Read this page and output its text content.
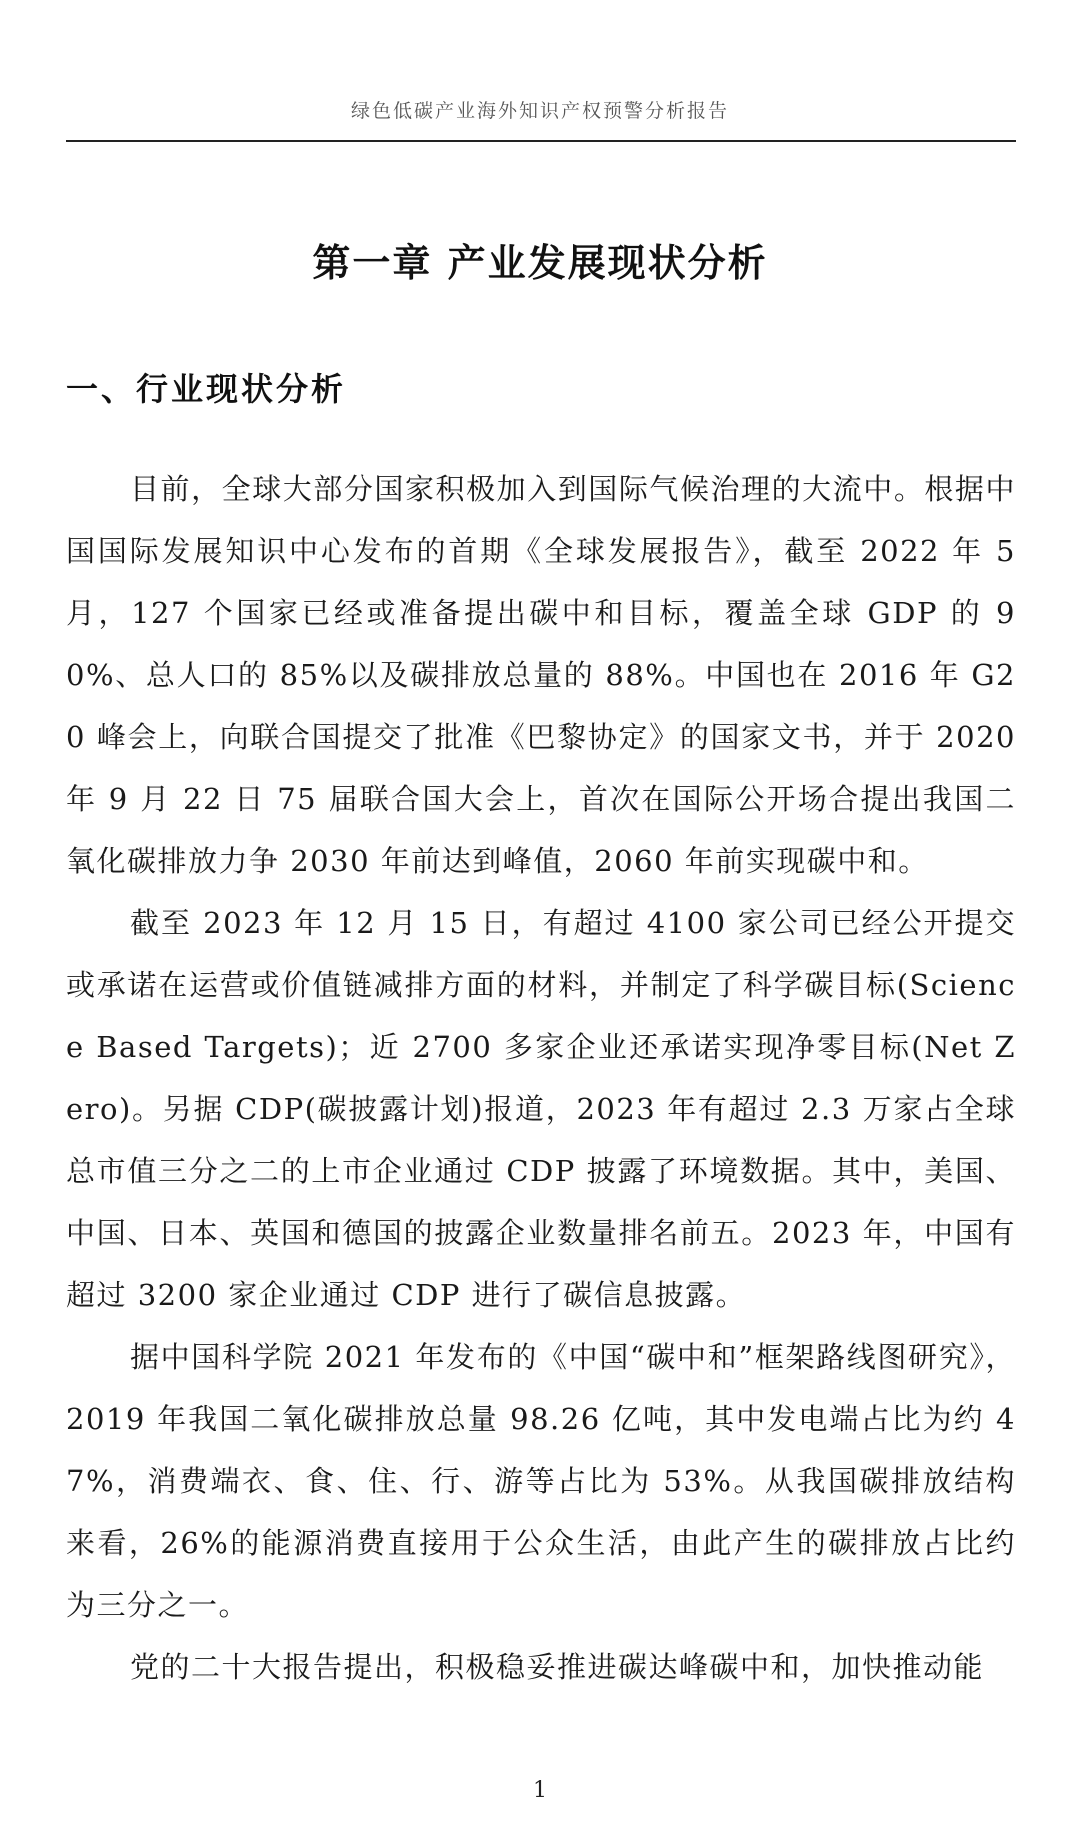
绿色低碳产业海外知识产权预警分析报告
第一章 产业发展现状分析
一、行业现状分析

目前，全球大部分国家积极加入到国际气候治理的大流中。根据中国国际发展知识中心发布的首期《全球发展报告》，截至 2022 年 5 月，127 个国家已经或准备提出碳中和目标，覆盖全球 GDP 的 90%、总人口的 85%以及碳排放总量的 88%。中国也在 2016 年 G20 峰会上，向联合国提交了批准《巴黎协定》的国家文书，并于 2020 年 9 月 22 日 75 届联合国大会上，首次在国际公开场合提出我国二氧化碳排放力争 2030 年前达到峰值，2060 年前实现碳中和。

截至 2023 年 12 月 15 日，有超过 4100 家公司已经公开提交或承诺在运营或价值链减排方面的材料，并制定了科学碳目标(Science Based Targets)；近 2700 多家企业还承诺实现净零目标(Net Zero)。另据 CDP(碳披露计划)报道，2023 年有超过 2.3 万家占全球总市值三分之二的上市企业通过 CDP 披露了环境数据。其中，美国、中国、日本、英国和德国的披露企业数量排名前五。2023 年，中国有超过 3200 家企业通过 CDP 进行了碳信息披露。

据中国科学院 2021 年发布的《中国“碳中和”框架路线图研究》，2019 年我国二氧化碳排放总量 98.26 亿吨，其中发电端占比为约 47%，消费端衣、食、住、行、游等占比为 53%。从我国碳排放结构来看，26%的能源消费直接用于公众生活，由此产生的碳排放占比约为三分之一。

党的二十大报告提出，积极稳妥推进碳达峰碳中和，加快推动能

1
